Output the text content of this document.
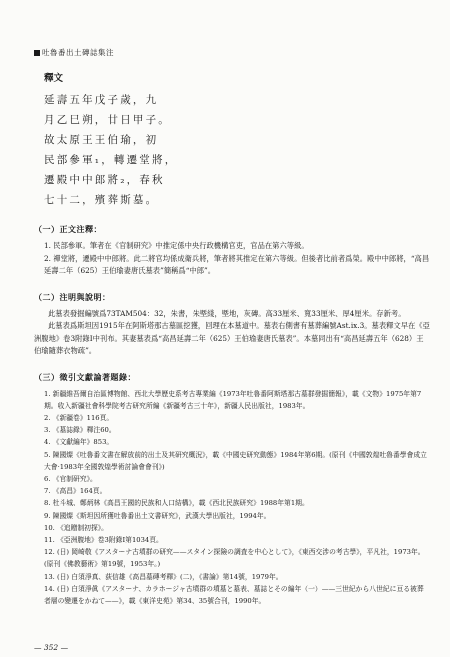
吐魯番出土磚誌集注
釋文
延壽五年戊子歲，九
月乙巳朔，廿日甲子。
故太原王王伯瑜，初
民部參軍₁，轉遷堂將，
遷殿中中郎將₂，春秋
七十二，殯葬斯墓。
（一）正文注釋：
1. 民部參軍。筆者在《官制研究》中推定係中央行政機構官吏，官品在第六等級。
2. 禪堂將，遷殿中中郎將。此二將官均係成衛兵將，筆者將其推定在第六等級。但後者比前者爲榮。殿中中郎將，“高昌延壽二年（625）王伯瑜妻唐氏墓表”簡稱爲“中郎”。
（二）注明與說明：
此墓表發掘編號爲73TAM504：32，朱書，朱塈綫，塈地，灰磚。高33厘米、寬33厘米、厚4厘米。存新考。
此墓表爲斯坦因1915年在阿斯塔那古墓區挖獲，回理在本墓道中。墓表右側書有墓葬編號Ast.ix.3。墓表釋文早在《亞洲腹地》卷3附錄I中刊布。其妻墓表爲“高昌延壽二年（625）王伯瑜妻唐氏墓表”。本墓同出有“高昌延壽五年（628）王伯瑜隨葬衣物疏”。
（三）徵引文獻論著題錄：
1. 新疆維吾爾自治區博物館、西北大學歷史系考古專業編《1973年吐魯番阿斯塔那古墓群發掘簡報》，載《文物》1975年第7期。收入新疆社會科學院考古研究所編《新疆考古三十年》，新疆人民出版社，1983年。
2. 《新疆卷》116頁。
3. 《墓誌錄》釋注60。
4. 《文獻編年》853。
5. 陳國燦《吐魯番文書在解放前的出土及其研究概況》，載《中國史研究動態》1984年第6期。(原刊《中國敦煌吐魯番學會成立大會·1983年全國敦煌學術討論會會刊》)
6. 《官制研究》。
7. 《高昌》164頁。
8. 杜斗城、鄭炳林《高昌王國的民族和人口結構》，載《西北民族研究》1988年第1期。
9. 陳國燦《斯坦因所獲吐魯番出土文書研究》，武漢大學出版社，1994年。
10. 《追贈制初探》。
11. 《亞洲腹地》卷3附錄I第1034頁。
12. (日) 岡崎敬《アスターナ古墳群の研究——スタイン探險の調査を中心として》，《東西交涉の考古學》，平凡社，1973年。(原刊《佛教藝術》第19號，1953年。)
13. (日) 白須淨真、荻信雄《高昌墓磚考釋》(二)，《書論》第14號，1979年。
14. (日) 白須淨眞《アスターナ、カラホージャ古墳群の墳墓と墓表、墓誌とその編年（一）——三世紀から八世紀に亘る被葬者層の變遷をかねて——》，載《東洋史苑》第34、35號合刊，1990年。
— 352 —
